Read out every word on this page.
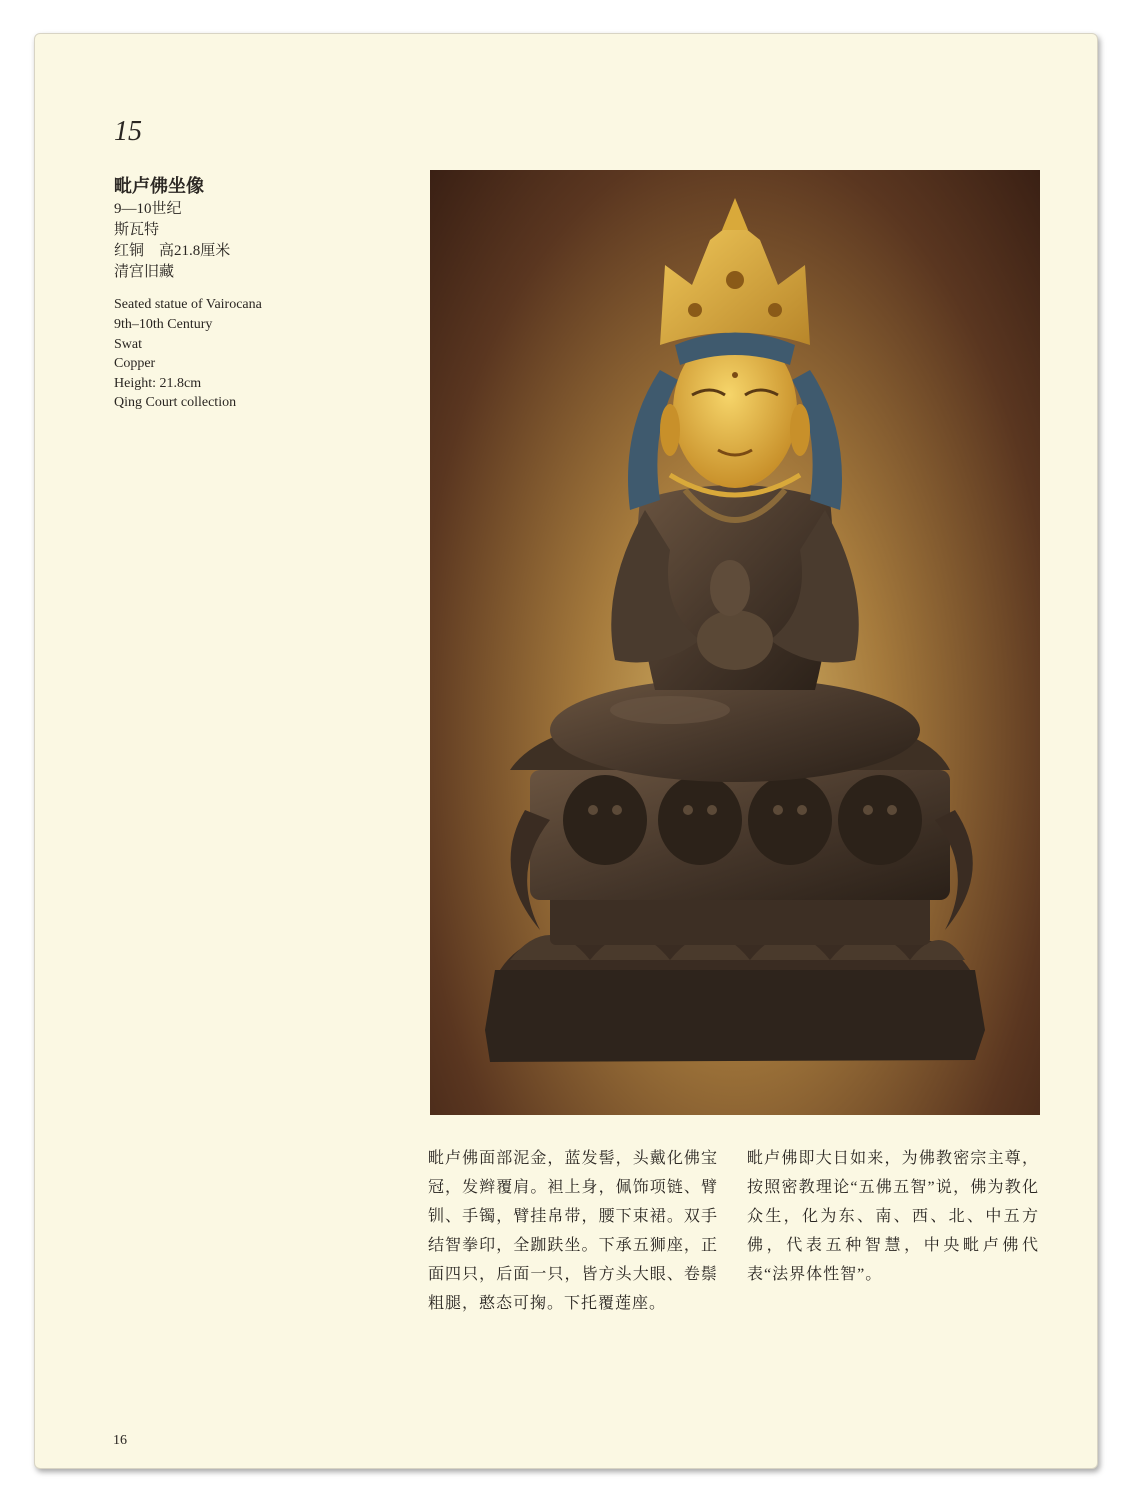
15
毗卢佛坐像
9—10世纪
斯瓦特
红铜　高21.8厘米
清宫旧藏
Seated statue of Vairocana
9th–10th Century
Swat
Copper
Height: 21.8cm
Qing Court collection
毗卢佛面部泥金，蓝发髻，头戴化佛宝冠，发辫覆肩。袒上身，佩饰项链、臂钏、手镯，臂挂帛带，腰下束裙。双手结智拳印，全跏趺坐。下承五狮座，正面四只，后面一只，皆方头大眼、卷鬃粗腿，憨态可掬。下托覆莲座。
毗卢佛即大日如来，为佛教密宗主尊，按照密教理论“五佛五智”说，佛为教化众生，化为东、南、西、北、中五方佛，代表五种智慧，中央毗卢佛代表“法界体性智”。
16
